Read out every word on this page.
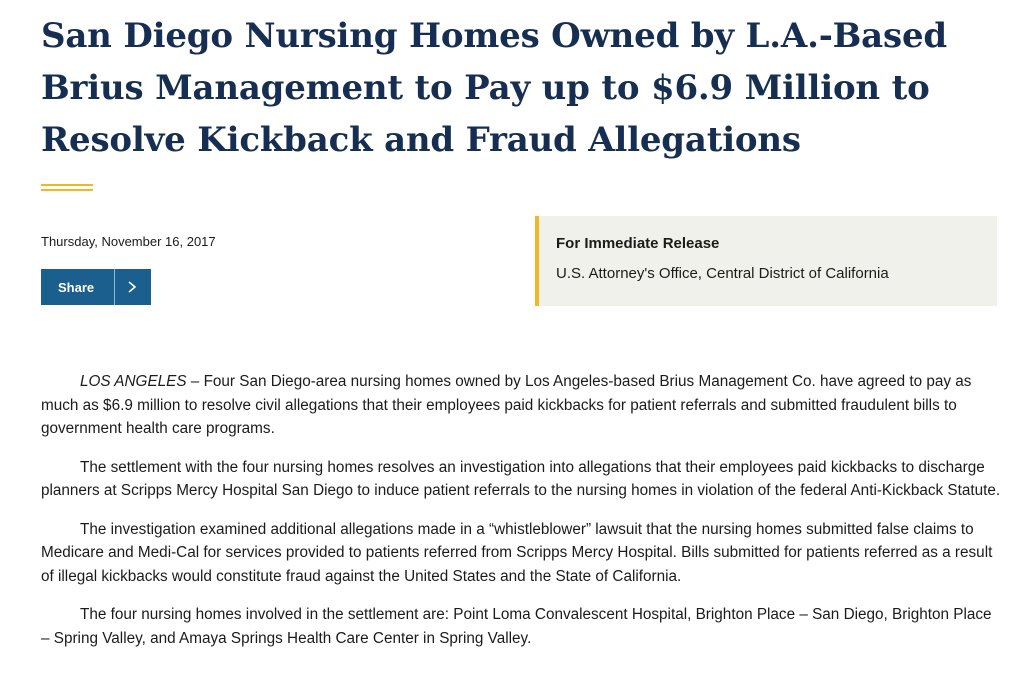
San Diego Nursing Homes Owned by L.A.-Based Brius Management to Pay up to $6.9 Million to Resolve Kickback and Fraud Allegations
Thursday, November 16, 2017
Share

For Immediate Release

U.S. Attorney's Office, Central District of California

LOS ANGELES – Four San Diego-area nursing homes owned by Los Angeles-based Brius Management Co. have agreed to pay as much as $6.9 million to resolve civil allegations that their employees paid kickbacks for patient referrals and submitted fraudulent bills to government health care programs.

The settlement with the four nursing homes resolves an investigation into allegations that their employees paid kickbacks to discharge planners at Scripps Mercy Hospital San Diego to induce patient referrals to the nursing homes in violation of the federal Anti-Kickback Statute.

The investigation examined additional allegations made in a “whistleblower” lawsuit that the nursing homes submitted false claims to Medicare and Medi-Cal for services provided to patients referred from Scripps Mercy Hospital. Bills submitted for patients referred as a result of illegal kickbacks would constitute fraud against the United States and the State of California.

The four nursing homes involved in the settlement are: Point Loma Convalescent Hospital, Brighton Place – San Diego, Brighton Place – Spring Valley, and Amaya Springs Health Care Center in Spring Valley.
